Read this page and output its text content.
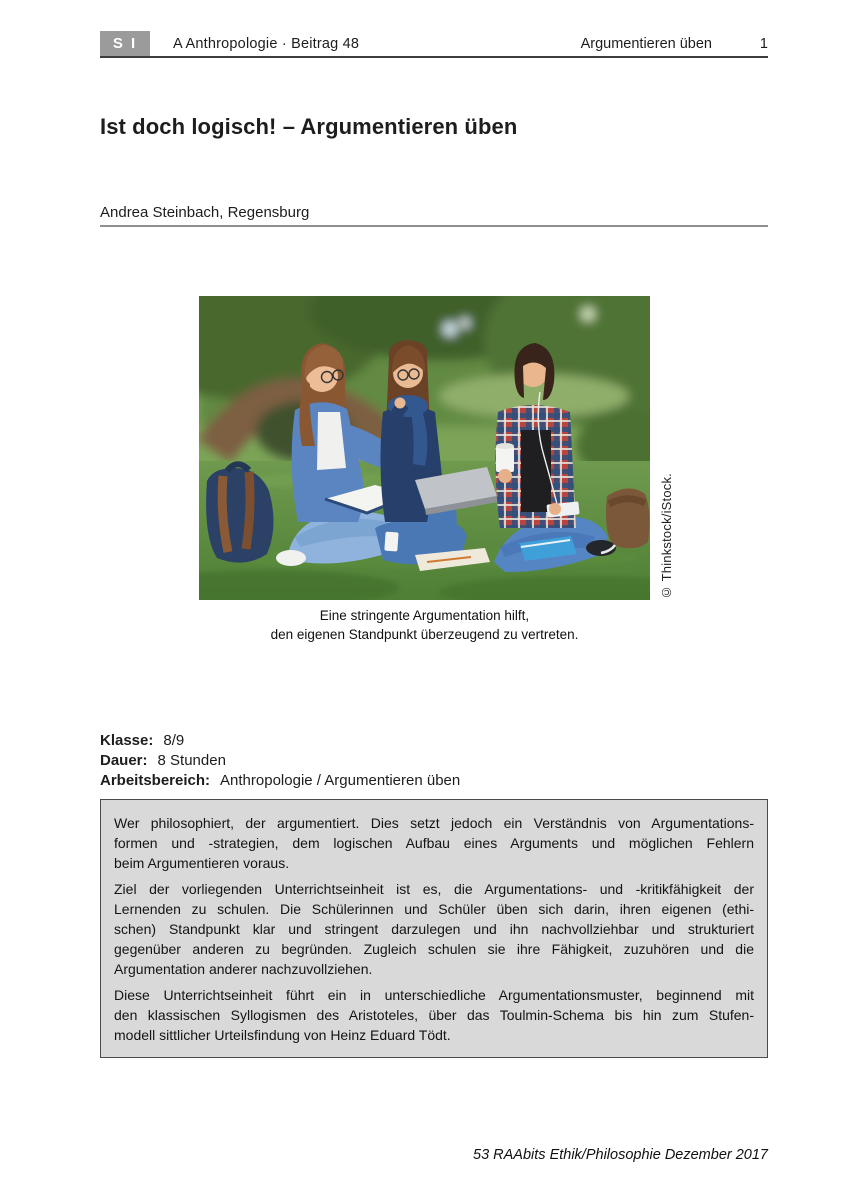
S I	A Anthropologie · Beitrag 48	Argumentieren üben	1
Ist doch logisch! – Argumentieren üben
Andrea Steinbach, Regensburg
© Thinkstock/iStock.
Eine stringente Argumentation hilft,
den eigenen Standpunkt überzeugend zu vertreten.
Klasse: 8/9
Dauer: 8 Stunden
Arbeitsbereich: Anthropologie / Argumentieren üben
Wer philosophiert, der argumentiert. Dies setzt jedoch ein Verständnis von Argumentations-
formen und -strategien, dem logischen Aufbau eines Arguments und möglichen Fehlern
beim Argumentieren voraus.
Ziel der vorliegenden Unterrichtseinheit ist es, die Argumentations- und -kritikfähigkeit der
Lernenden zu schulen. Die Schülerinnen und Schüler üben sich darin, ihren eigenen (ethi-
schen) Standpunkt klar und stringent darzulegen und ihn nachvollziehbar und strukturiert
gegenüber anderen zu begründen. Zugleich schulen sie ihre Fähigkeit, zuzuhören und die
Argumentation anderer nachzuvollziehen.
Diese Unterrichtseinheit führt ein in unterschiedliche Argumentationsmuster, beginnend mit
den klassischen Syllogismen des Aristoteles, über das Toulmin-Schema bis hin zum Stufen-
modell sittlicher Urteilsfindung von Heinz Eduard Tödt.
53 RAAbits Ethik/Philosophie Dezember 2017
